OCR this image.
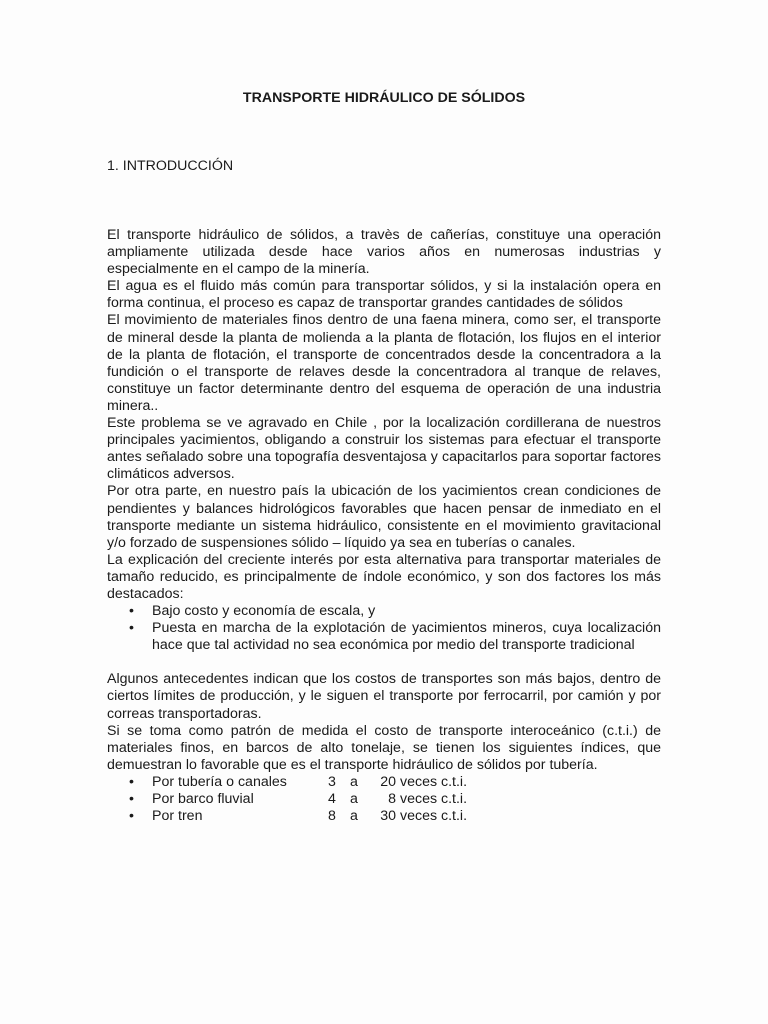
TRANSPORTE HIDRÁULICO DE SÓLIDOS
1. INTRODUCCIÓN

El transporte hidráulico de sólidos, a travès de cañerías, constituye una operación ampliamente utilizada desde hace varios años en numerosas industrias y especialmente en el campo de la minería.

El agua es el fluido más común para transportar sólidos, y si la instalación opera en forma continua, el proceso es capaz de transportar grandes cantidades de sólidos

El movimiento de materiales finos dentro de una faena minera, como ser, el transporte de mineral desde la planta de molienda a la planta de flotación, los flujos en el interior de la planta de flotación, el transporte de concentrados desde la concentradora a la fundición o el transporte de relaves desde la concentradora al tranque de relaves, constituye un factor determinante dentro del esquema de operación de una industria minera..

Este problema se ve agravado en Chile , por la localización cordillerana de nuestros principales yacimientos, obligando a construir los sistemas para efectuar el transporte antes señalado sobre una topografía desventajosa y capacitarlos para soportar factores climáticos adversos.

Por otra parte, en nuestro país la ubicación de los yacimientos crean condiciones de pendientes y balances hidrológicos favorables que hacen pensar de inmediato en el transporte mediante un sistema hidráulico, consistente en el movimiento gravitacional y/o forzado de suspensiones sólido – líquido ya sea en tuberías o canales.

La explicación del creciente interés por esta alternativa para transportar materiales de tamaño reducido, es principalmente de índole económico, y son dos factores los más destacados:

• Bajo costo y economía de escala, y
• Puesta en marcha de la explotación de yacimientos mineros, cuya localización hace que tal actividad no sea económica por medio del transporte tradicional

Algunos antecedentes indican que los costos de transportes son más bajos, dentro de ciertos límites de producción, y le siguen el transporte por ferrocarril, por camión y por correas transportadoras.

Si se toma como patrón de medida el costo de transporte interoceánico (c.t.i.) de materiales finos, en barcos de alto tonelaje, se tienen los siguientes índices, que demuestran lo favorable que es el transporte hidráulico de sólidos por tubería.

•	Por tubería o canales	3	a	20	veces c.t.i.

•	Por barco fluvial	4	a	8	veces c.t.i.

•	Por tren	8	a	30	veces c.t.i.
